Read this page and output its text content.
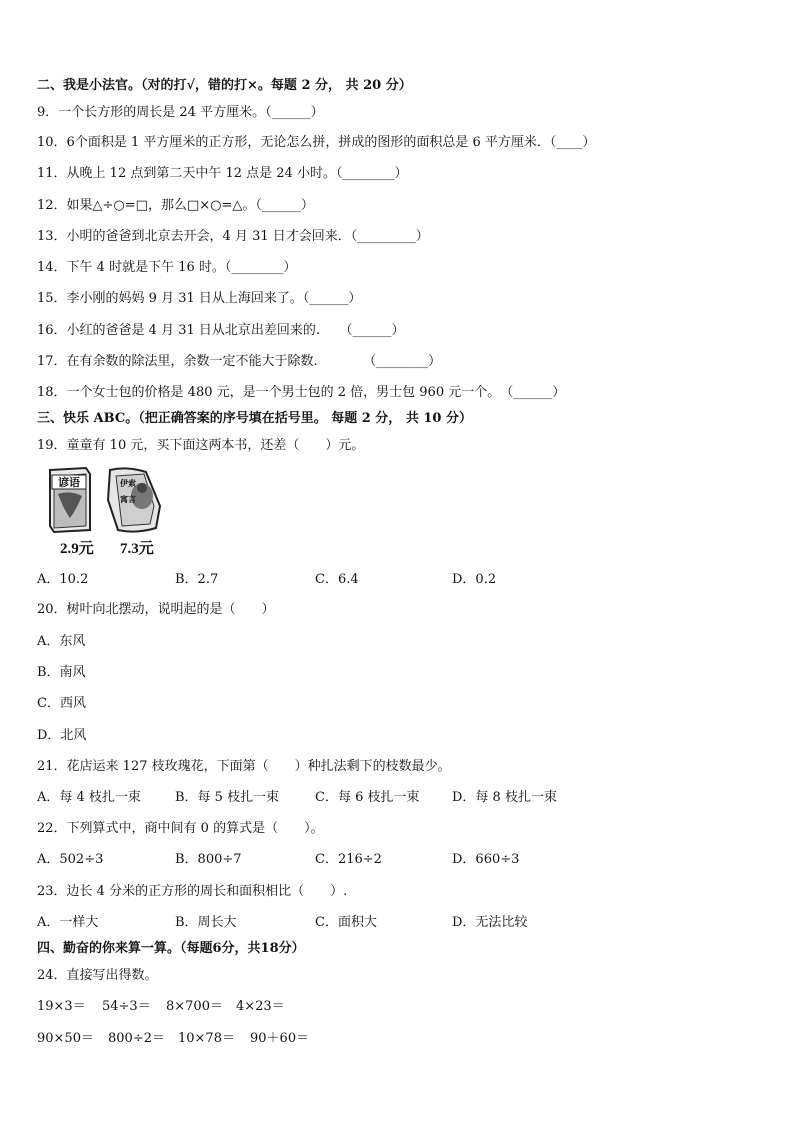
二、我是小法官。（对的打√，错的打×。每题 2 分， 共 20 分）
9．一个长方形的周长是 24 平方厘米。（______）
10．6个面积是 1 平方厘米的正方形，无论怎么拼，拼成的图形的面积总是 6 平方厘米．（____）
11．从晚上 12 点到第二天中午 12 点是 24 小时。（________）
12．如果△÷○=□，那么□×○=△。（______）
13．小明的爸爸到北京去开会，4 月 31 日才会回来．（_________）
14．下午 4 时就是下午 16 时。（________）
15．李小刚的妈妈 9 月 31 日从上海回来了。（______）
16．小红的爸爸是 4 月 31 日从北京出差回来的.　　（______）
17．在有余数的除法里，余数一定不能大于除数.　　　　（________）
18．一个女士包的价格是 480 元，是一个男士包的 2 倍，男士包 960 元一个。　（______）
三、快乐 ABC。（把正确答案的序号填在括号里。 每题 2 分， 共 10 分）
19．童童有 10 元，买下面这两本书，还差（　　）元。
谚语	伊索
寓言
2.9元 7.3元
A．10.2	B．2.7	C．6.4	D．0.2
20．树叶向北摆动，说明起的是（　　）
A．东风
B．南风
C．西风
D．北风
21．花店运来 127 枝玫瑰花，下面第（　　）种扎法剩下的枝数最少。
A．每 4 枝扎一束	B．每 5 枝扎一束	C．每 6 枝扎一束	D．每 8 枝扎一束
22．下列算式中，商中间有 0 的算式是（　　）。
A．502÷3	B．800÷7	C．216÷2	D．660÷3
23．边长 4 分米的正方形的周长和面积相比（　　）.
A．一样大	B．周长大	C．面积大	D．无法比较
四、勤奋的你来算一算。（每题6分，共18分）
24．直接写出得数。
19×3＝ 54÷3＝ 8×700＝ 4×23＝
90×50＝ 800÷2＝ 10×78＝ 90＋60＝
